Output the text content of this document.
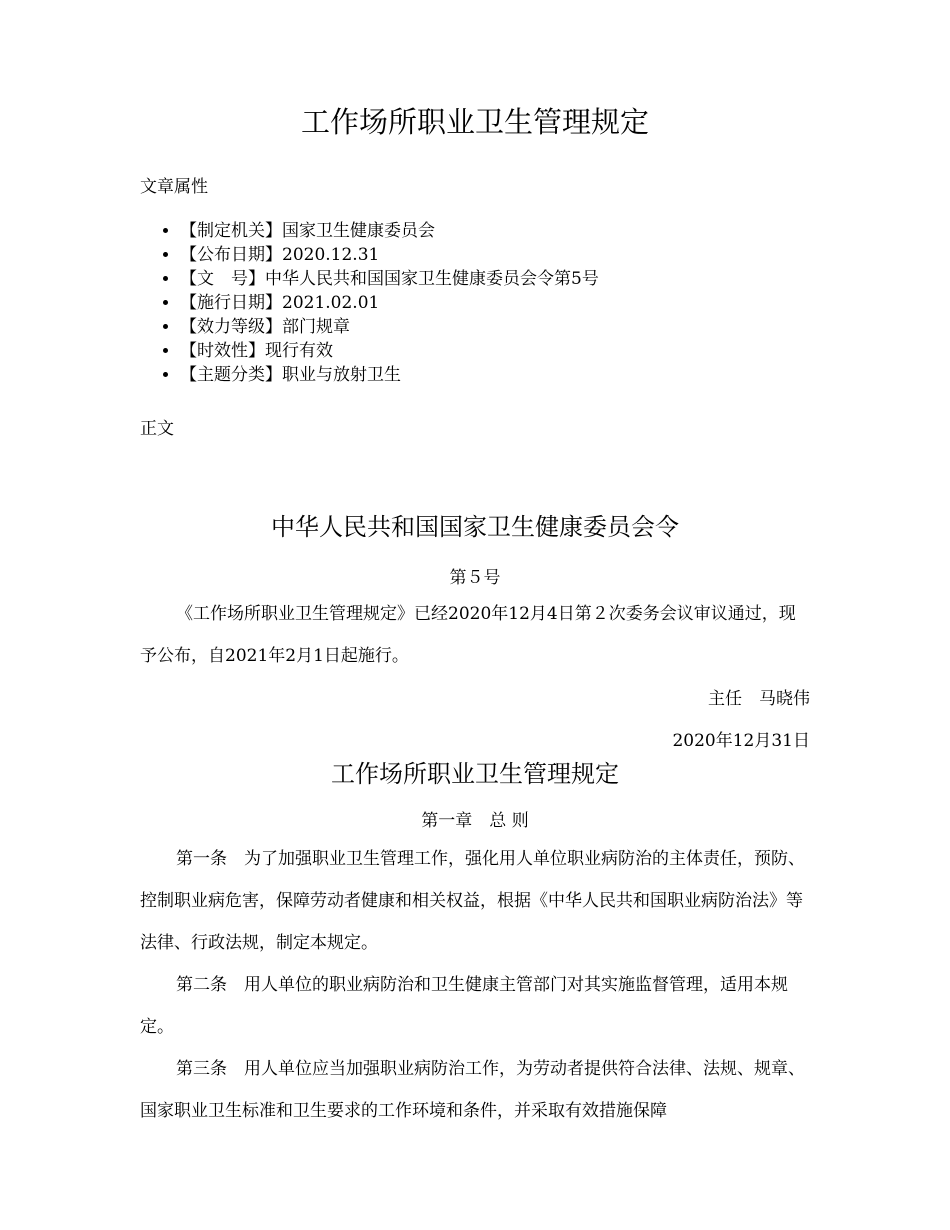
工作场所职业卫生管理规定
文章属性
• 【制定机关】国家卫生健康委员会
• 【公布日期】2020.12.31
• 【文　号】中华人民共和国国家卫生健康委员会令第5号
• 【施行日期】2021.02.01
• 【效力等级】部门规章
• 【时效性】现行有效
• 【主题分类】职业与放射卫生
正文
中华人民共和国国家卫生健康委员会令
第５号

《工作场所职业卫生管理规定》已经2020年12月4日第２次委务会议审议通过，现予公布，自2021年2月1日起施行。

主任　马晓伟
2020年12月31日
工作场所职业卫生管理规定
第一章　总 则

第一条　为了加强职业卫生管理工作，强化用人单位职业病防治的主体责任，预防、控制职业病危害，保障劳动者健康和相关权益，根据《中华人民共和国职业病防治法》等法律、行政法规，制定本规定。

第二条　用人单位的职业病防治和卫生健康主管部门对其实施监督管理，适用本规定。

第三条　用人单位应当加强职业病防治工作，为劳动者提供符合法律、法规、规章、国家职业卫生标准和卫生要求的工作环境和条件，并采取有效措施保障
